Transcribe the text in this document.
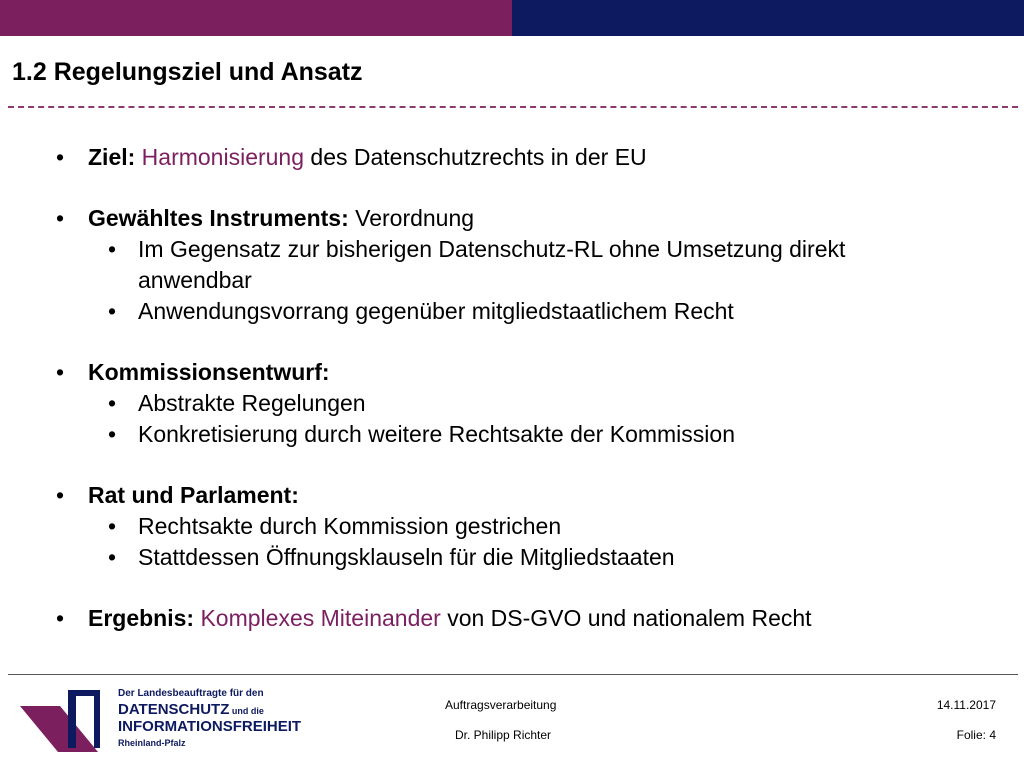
1.2 Regelungsziel und Ansatz
• Ziel: Harmonisierung des Datenschutzrechts in der EU
• Gewähltes Instruments: Verordnung
• Im Gegensatz zur bisherigen Datenschutz-RL ohne Umsetzung direkt
anwendbar
• Anwendungsvorrang gegenüber mitgliedstaatlichem Recht
• Kommissionsentwurf:
• Abstrakte Regelungen
• Konkretisierung durch weitere Rechtsakte der Kommission
• Rat und Parlament:
• Rechtsakte durch Kommission gestrichen
• Stattdessen Öffnungsklauseln für die Mitgliedstaaten
• Ergebnis: Komplexes Miteinander von DS-GVO und nationalem Recht
Der Landesbeauftragte für den
DATENSCHUTZ und die
INFORMATIONSFREIHEIT
Rheinland-Pfalz
Auftragsverarbeitung
Dr. Philipp Richter
14.11.2017
Folie: 4
